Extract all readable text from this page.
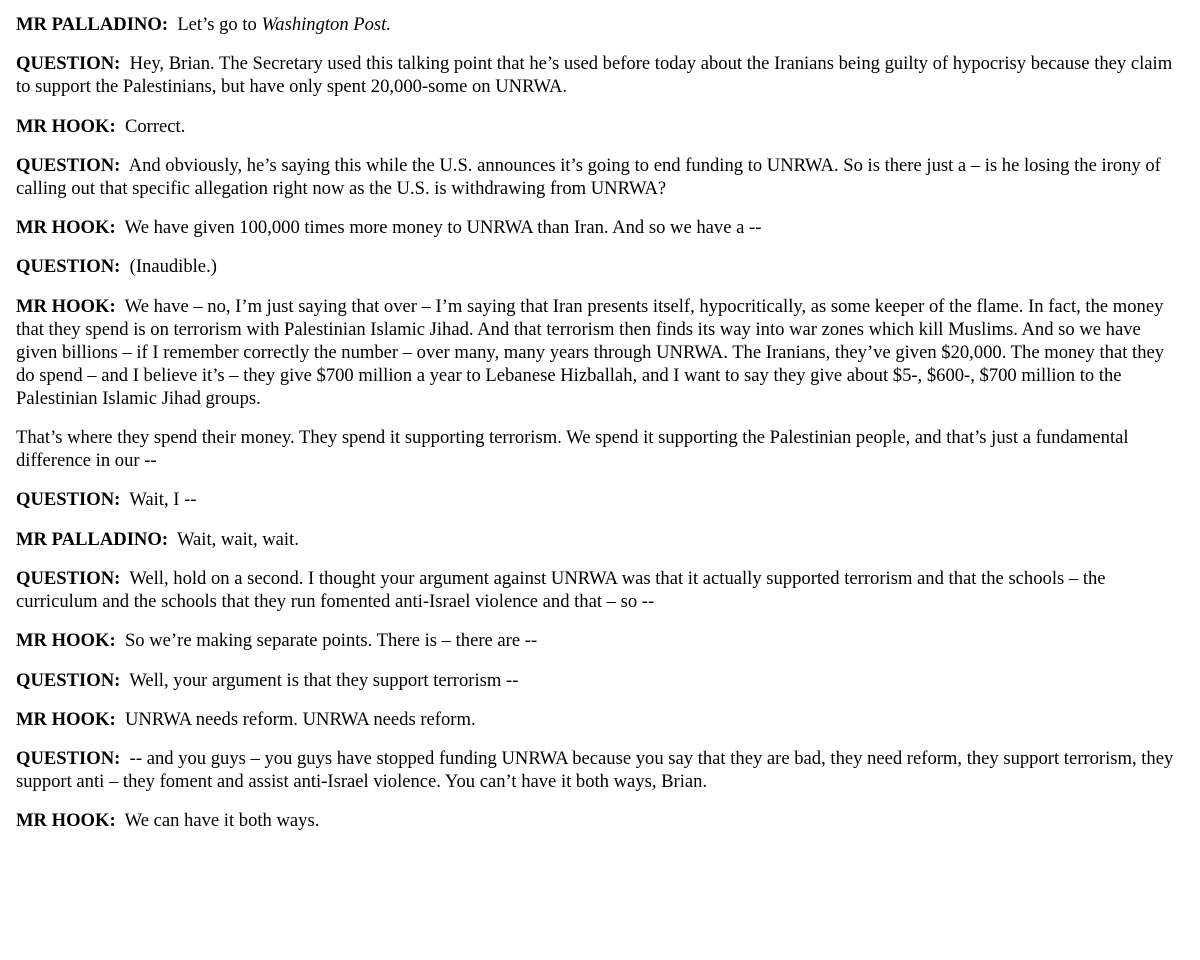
MR PALLADINO: Let’s go to Washington Post.

QUESTION: Hey, Brian. The Secretary used this talking point that he’s used before today about the Iranians being guilty of hypocrisy because they claim to support the Palestinians, but have only spent 20,000-some on UNRWA.

MR HOOK: Correct.

QUESTION: And obviously, he’s saying this while the U.S. announces it’s going to end funding to UNRWA. So is there just a – is he losing the irony of calling out that specific allegation right now as the U.S. is withdrawing from UNRWA?

MR HOOK: We have given 100,000 times more money to UNRWA than Iran. And so we have a --

QUESTION: (Inaudible.)

MR HOOK: We have – no, I’m just saying that over – I’m saying that Iran presents itself, hypocritically, as some keeper of the flame. In fact, the money that they spend is on terrorism with Palestinian Islamic Jihad. And that terrorism then finds its way into war zones which kill Muslims. And so we have given billions – if I remember correctly the number – over many, many years through UNRWA. The Iranians, they’ve given $20,000. The money that they do spend – and I believe it’s – they give $700 million a year to Lebanese Hizballah, and I want to say they give about $5-, $600-, $700 million to the Palestinian Islamic Jihad groups.

That’s where they spend their money. They spend it supporting terrorism. We spend it supporting the Palestinian people, and that’s just a fundamental difference in our --

QUESTION: Wait, I --

MR PALLADINO: Wait, wait, wait.

QUESTION: Well, hold on a second. I thought your argument against UNRWA was that it actually supported terrorism and that the schools – the curriculum and the schools that they run fomented anti-Israel violence and that – so --

MR HOOK: So we’re making separate points. There is – there are --

QUESTION: Well, your argument is that they support terrorism --

MR HOOK: UNRWA needs reform. UNRWA needs reform.

QUESTION: -- and you guys – you guys have stopped funding UNRWA because you say that they are bad, they need reform, they support terrorism, they support anti – they foment and assist anti-Israel violence. You can’t have it both ways, Brian.

MR HOOK: We can have it both ways.
